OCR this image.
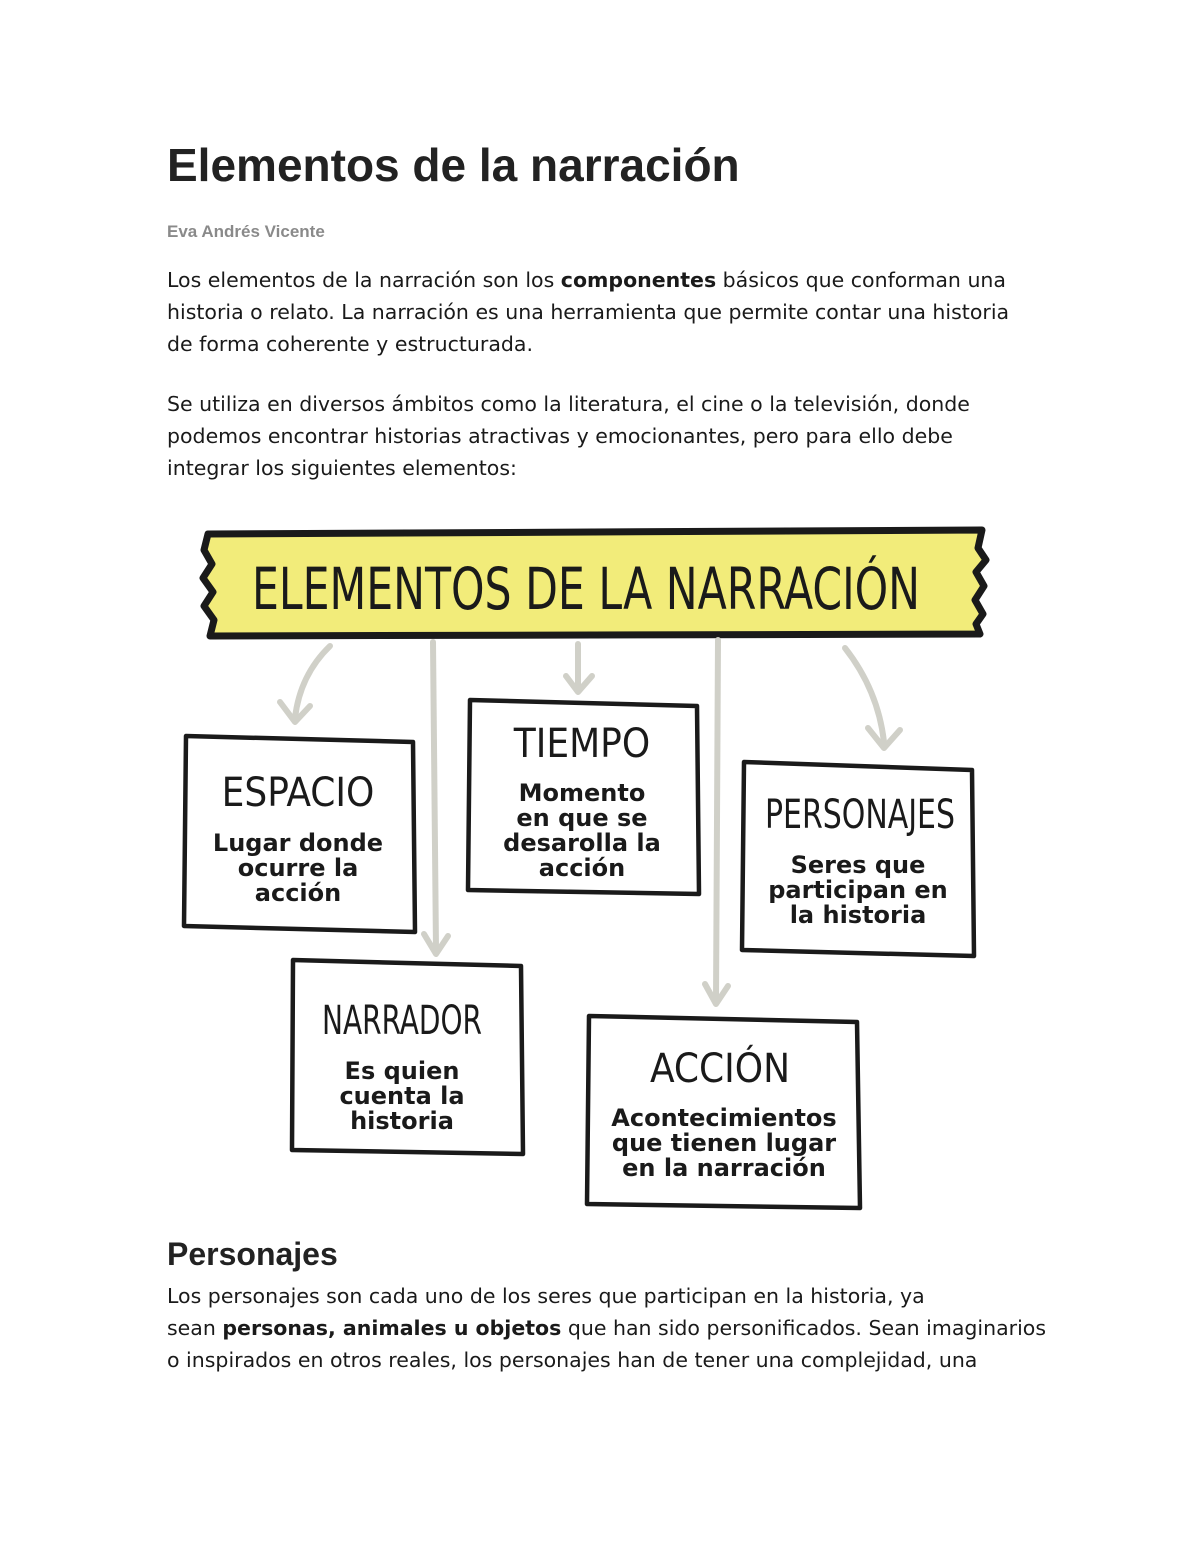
Elementos de la narración
Eva Andrés Vicente

Los elementos de la narración son los componentes básicos que conforman una
historia o relato. La narración es una herramienta que permite contar una historia
de forma coherente y estructurada.

Se utiliza en diversos ámbitos como la literatura, el cine o la televisión, donde
podemos encontrar historias atractivas y emocionantes, pero para ello debe
integrar los siguientes elementos:

ELEMENTOS DE LA NARRACIÓN
ESPACIO
Lugar donde
ocurre la
acción
TIEMPO
Momento
en que se
desarolla la
acción
PERSONAJES
Seres que
participan en
la historia
NARRADOR
Es quien
cuenta la
historia
ACCIÓN
Acontecimientos
que tienen lugar
en la narración
Personajes

Los personajes son cada uno de los seres que participan en la historia, ya
sean personas, animales u objetos que han sido personificados. Sean imaginarios
o inspirados en otros reales, los personajes han de tener una complejidad, una
